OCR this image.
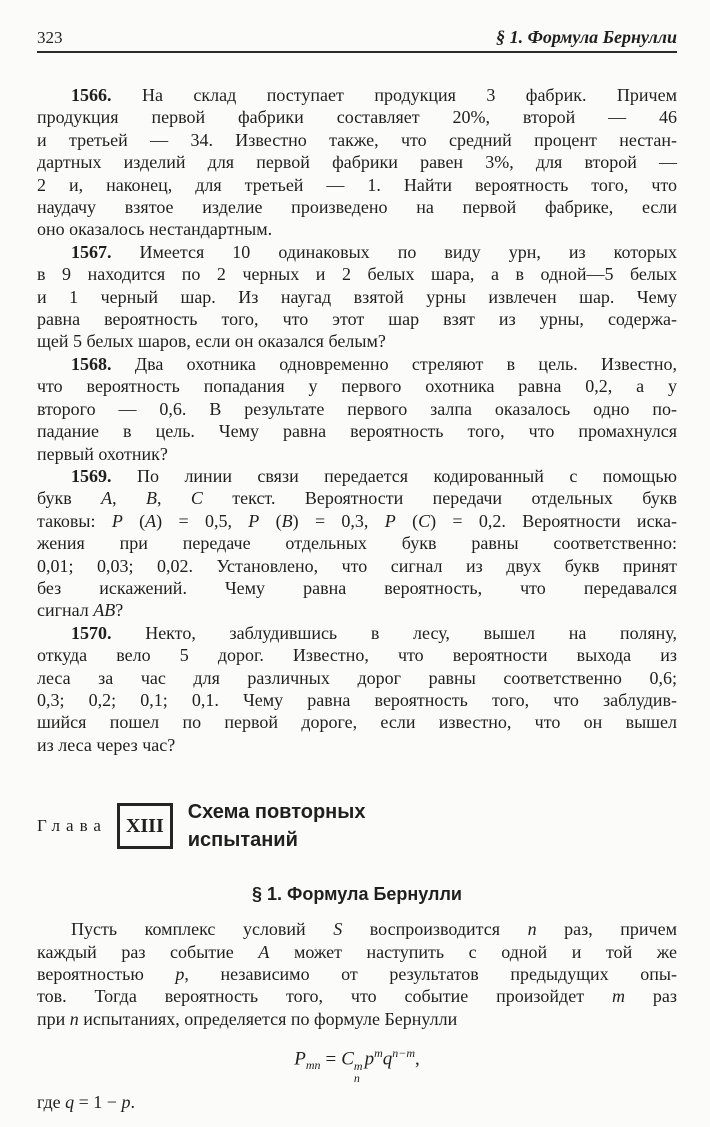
323	§ 1. Формула Бернулли
1566. На склад поступает продукция 3 фабрик. Причем
продукция первой фабрики составляет 20%, второй — 46
и третьей — 34. Известно также, что средний процент нестан-
дартных изделий для первой фабрики равен 3%, для второй —
2 и, наконец, для третьей — 1. Найти вероятность того, что
наудачу взятое изделие произведено на первой фабрике, если
оно оказалось нестандартным.
1567. Имеется 10 одинаковых по виду урн, из которых
в 9 находится по 2 черных и 2 белых шара, а в одной—5 белых
и 1 черный шар. Из наугад взятой урны извлечен шар. Чему
равна вероятность того, что этот шар взят из урны, содержа-
щей 5 белых шаров, если он оказался белым?
1568. Два охотника одновременно стреляют в цель. Известно,
что вероятность попадания у первого охотника равна 0,2, а у
второго — 0,6. В результате первого залпа оказалось одно по-
падание в цель. Чему равна вероятность того, что промахнулся
первый охотник?
1569. По линии связи передается кодированный с помощью
букв A, B, C текст. Вероятности передачи отдельных букв
таковы: P (A) = 0,5, P (B) = 0,3, P (C) = 0,2. Вероятности иска-
жения при передаче отдельных букв равны соответственно:
0,01; 0,03; 0,02. Установлено, что сигнал из двух букв принят
без искажений. Чему равна вероятность, что передавался
сигнал AB?
1570. Некто, заблудившись в лесу, вышел на поляну,
откуда вело 5 дорог. Известно, что вероятности выхода из
леса за час для различных дорог равны соответственно 0,6;
0,3; 0,2; 0,1; 0,1. Чему равна вероятность того, что заблудив-
шийся пошел по первой дороге, если известно, что он вышел
из леса через час?
Глава XIII
Схема повторных
испытаний
§ 1. Формула Бернулли
Пусть комплекс условий S воспроизводится n раз, причем
каждый раз событие A может наступить с одной и той же
вероятностью p, независимо от результатов предыдущих опы-
тов. Тогда вероятность того, что событие произойдет m раз
при n испытаниях, определяется по формуле Бернулли
$P_{mn} = C$ m
n
$p^mq^{n-m}$,
где q = 1 − p.
